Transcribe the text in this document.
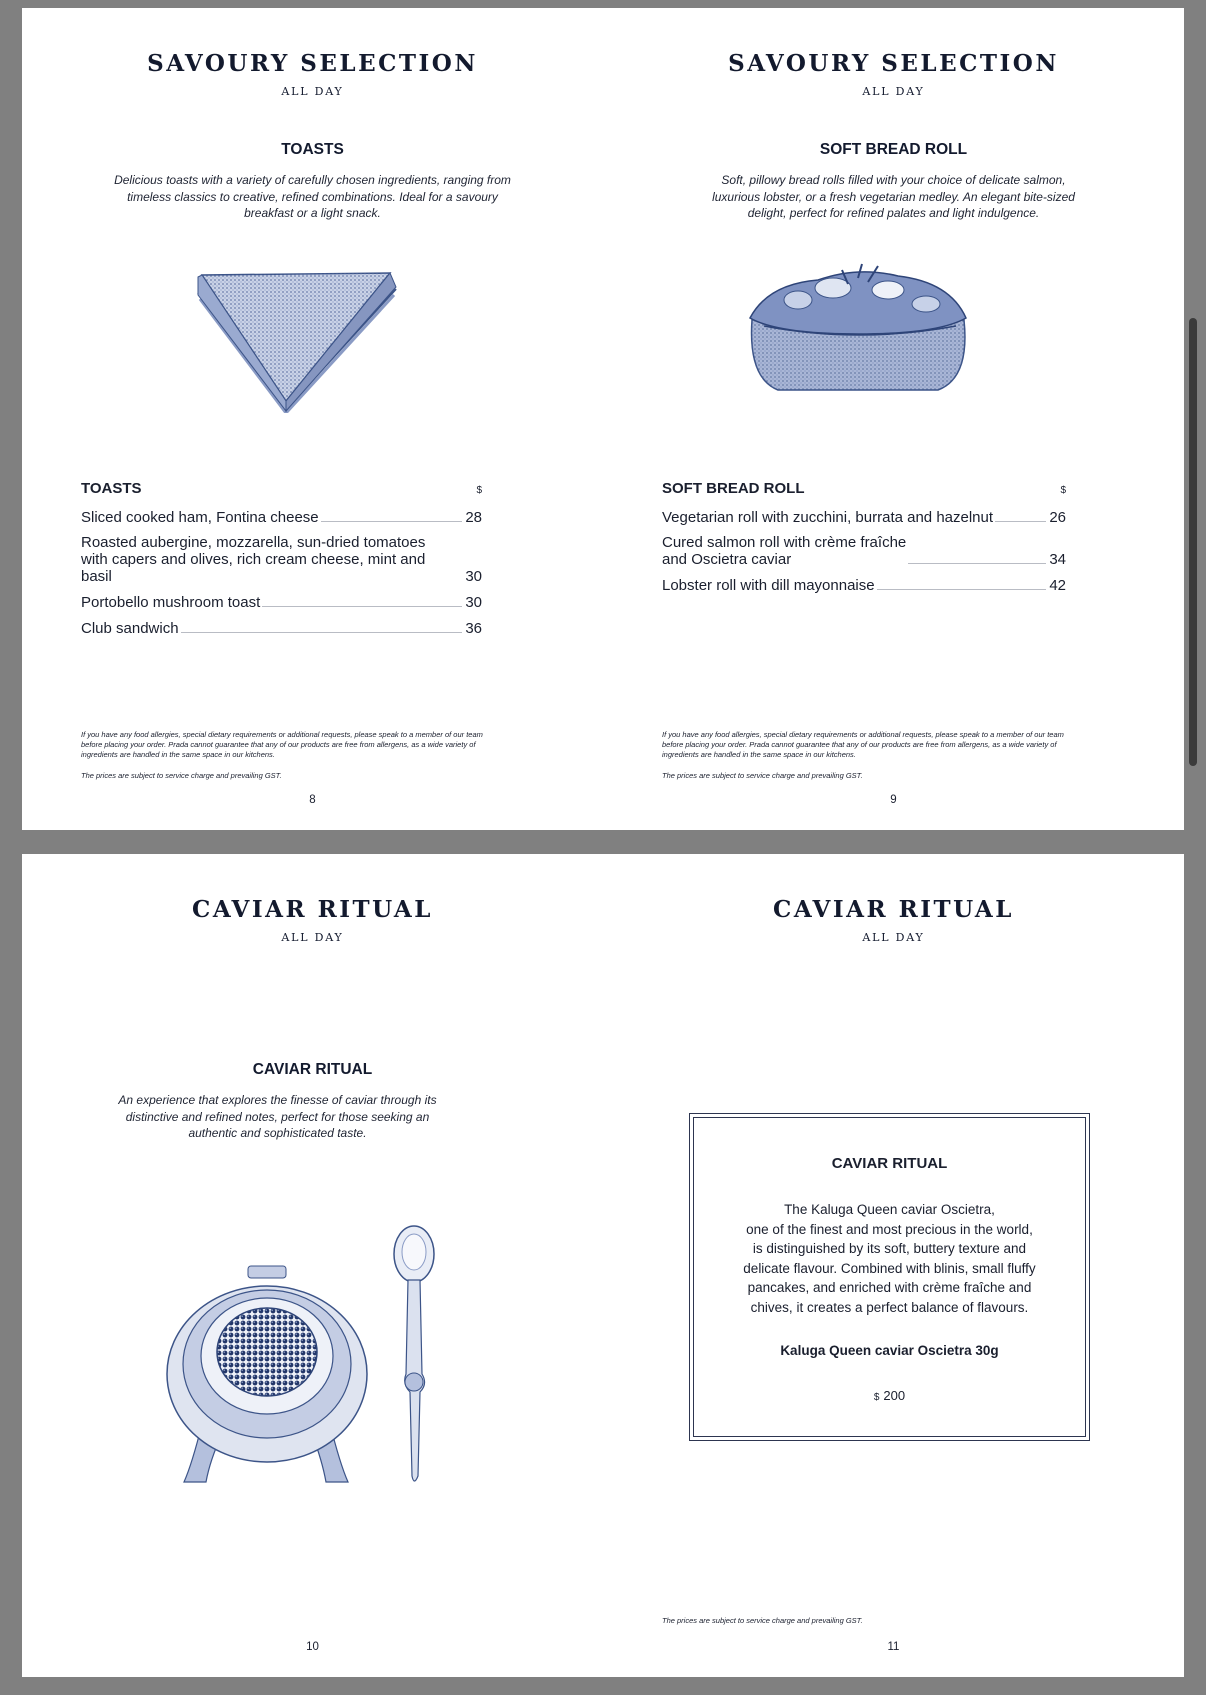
SAVOURY SELECTION
ALL DAY
TOASTS
Delicious toasts with a variety of carefully chosen ingredients, ranging from timeless classics to creative, refined combinations. Ideal for a savoury breakfast or a light snack.
TOASTS	$
Sliced cooked ham, Fontina cheese	28
Roasted aubergine, mozzarella, sun-dried tomatoes
with capers and olives, rich cream cheese, mint and basil	30
Portobello mushroom toast	30
Club sandwich	36
If you have any food allergies, special dietary requirements or additional requests, please speak to a member of our team before placing your order. Prada cannot guarantee that any of our products are free from allergens, as a wide variety of ingredients are handled in the same space in our kitchens.
The prices are subject to service charge and prevailing GST.
8
SAVOURY SELECTION
ALL DAY
SOFT BREAD ROLL
Soft, pillowy bread rolls filled with your choice of delicate salmon, luxurious lobster, or a fresh vegetarian medley. An elegant bite-sized delight, perfect for refined palates and light indulgence.
SOFT BREAD ROLL	$
Vegetarian roll with zucchini, burrata and hazelnut	26
Cured salmon roll with crème fraîche
and Oscietra caviar	34
Lobster roll with dill mayonnaise	42
If you have any food allergies, special dietary requirements or additional requests, please speak to a member of our team before placing your order. Prada cannot guarantee that any of our products are free from allergens, as a wide variety of ingredients are handled in the same space in our kitchens.
The prices are subject to service charge and prevailing GST.
9
CAVIAR RITUAL
ALL DAY
CAVIAR RITUAL
An experience that explores the finesse of caviar through its distinctive and refined notes, perfect for those seeking an authentic and sophisticated taste.
10
CAVIAR RITUAL
ALL DAY
The prices are subject to service charge and prevailing GST.
11
CAVIAR RITUAL
The Kaluga Queen caviar Oscietra,
one of the finest and most precious in the world,
is distinguished by its soft, buttery texture and
delicate flavour. Combined with blinis, small fluffy
pancakes, and enriched with crème fraîche and
chives, it creates a perfect balance of flavours.
Kaluga Queen caviar Oscietra 30g
$ 200
